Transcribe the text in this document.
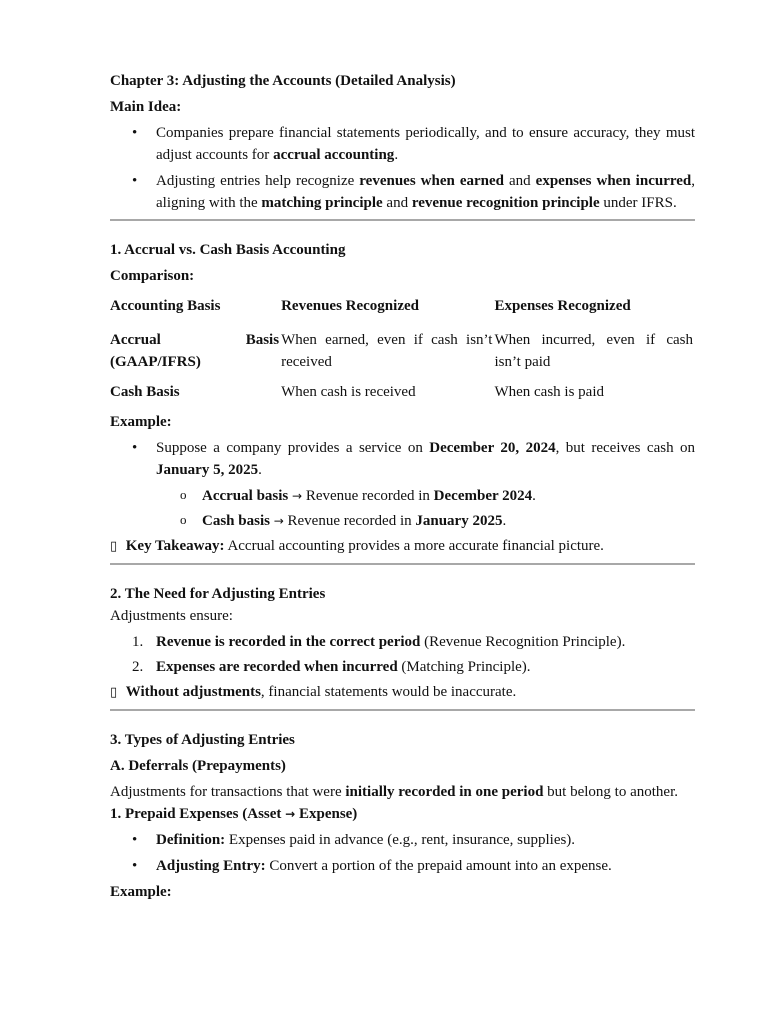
Chapter 3: Adjusting the Accounts (Detailed Analysis)

Main Idea:

• Companies prepare financial statements periodically, and to ensure accuracy, they must adjust accounts for accrual accounting.
• Adjusting entries help recognize revenues when earned and expenses when incurred, aligning with the matching principle and revenue recognition principle under IFRS.

1. Accrual vs. Cash Basis Accounting

Comparison:

Accounting Basis	Revenues Recognized	Expenses Recognized

Accrual Basis
(GAAP/IFRS)	When earned, even if cash isn’t received	When incurred, even if cash isn’t paid
Cash Basis	When cash is received	When cash is paid

Example:

• Suppose a company provides a service on December 20, 2024, but receives cash on January 5, 2025.
o Accrual basis → Revenue recorded in December 2024.
o Cash basis → Revenue recorded in January 2025.

▯ Key Takeaway: Accrual accounting provides a more accurate financial picture.

2. The Need for Adjusting Entries

Adjustments ensure:

1. Revenue is recorded in the correct period (Revenue Recognition Principle).
2. Expenses are recorded when incurred (Matching Principle).

▯ Without adjustments, financial statements would be inaccurate.

3. Types of Adjusting Entries

A. Deferrals (Prepayments)

Adjustments for transactions that were initially recorded in one period but belong to another.

1. Prepaid Expenses (Asset → Expense)

• Definition: Expenses paid in advance (e.g., rent, insurance, supplies).
• Adjusting Entry: Convert a portion of the prepaid amount into an expense.

Example:
